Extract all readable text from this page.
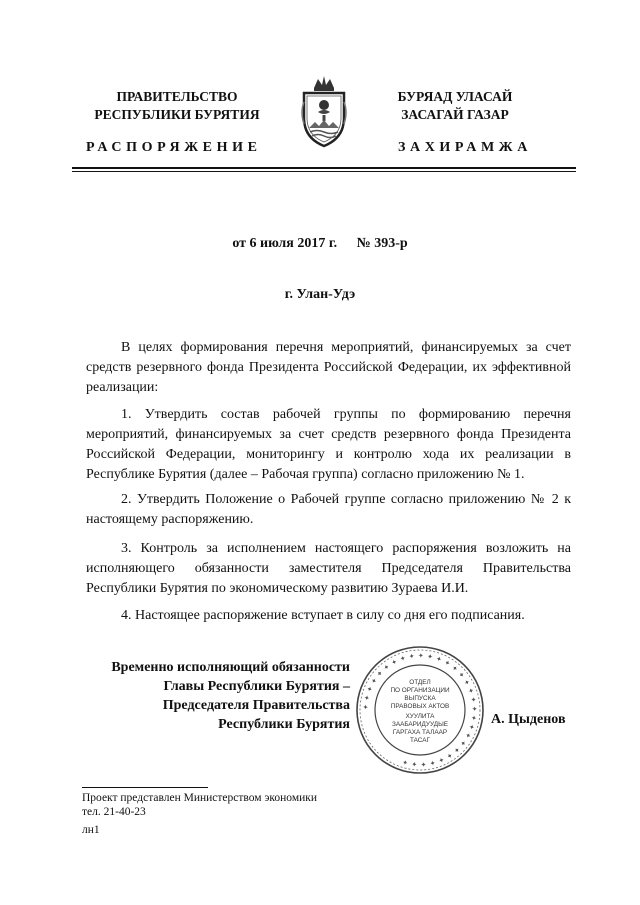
ПРАВИТЕЛЬСТВО
РЕСПУБЛИКИ БУРЯТИЯ
БУРЯАД УЛАСАЙ
ЗАСАГАЙ ГАЗАР
РАСПОРЯЖЕНИЕ	ЗАХИРАМЖА
от 6 июля 2017 г. № 393-р
г. Улан-Удэ

В целях формирования перечня мероприятий, финансируемых за счет средств резервного фонда Президента Российской Федерации, их эффективной реализации:

1. Утвердить состав рабочей группы по формированию перечня мероприятий, финансируемых за счет средств резервного фонда Президента Российской Федерации, мониторингу и контролю хода их реализации в Республике Бурятия (далее – Рабочая группа) согласно приложению № 1.

2. Утвердить Положение о Рабочей группе согласно приложению № 2 к настоящему распоряжению.

3. Контроль за исполнением настоящего распоряжения возложить на исполняющего обязанности заместителя Председателя Правительства Республики Бурятия по экономическому развитию Зураева И.И.

4. Настоящее распоряжение вступает в силу со дня его подписания.

Временно исполняющий обязанности
Главы Республики Бурятия –
Председателя Правительства
Республики Бурятия
✦ ✦ ✦ ✦ ✦ ✦ ✦ ✦ ✦ ✦ ✦ ✦ ✦ ✦ ✦ ✦ ✦ ✦ ✦ ✦ ✦ ✦ ✦ ✦ ✦ ✦ ✦ ✦ ✦ ✦
ОТДЕЛ
ПО ОРГАНИЗАЦИИ
ВЫПУСКА
ПРАВОВЫХ АКТОВ
ХУУЛИТА
ЗААБАРИДУУДЫЕ
ГАРГАХА ТАЛААР
ТАСАГ
А. Цыденов
Проект представлен Министерством экономики
тел. 21-40-23
лн1
